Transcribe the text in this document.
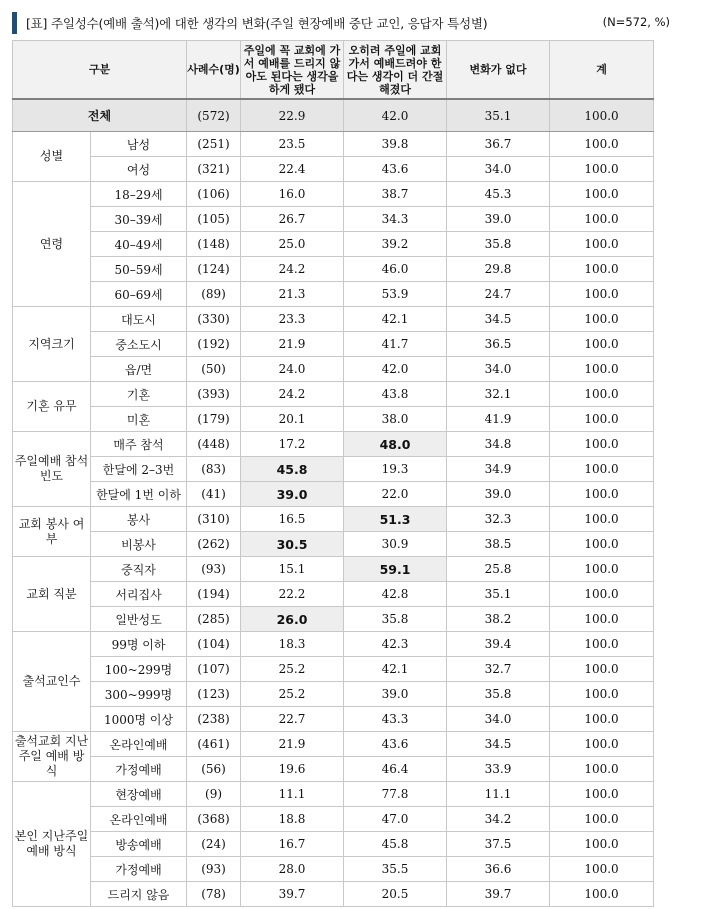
[표] 주일성수(예배 출석)에 대한 생각의 변화(주일 현장예배 중단 교인, 응답자 특성별)	(N=572, %)
구분		사례수(명)	주일에 꼭 교회에 가서 예배를 드리지 않아도 된다는 생각을 하게 됐다	오히려 주일에 교회가서 예배드려야 한다는 생각이 더 간절해졌다	변화가 없다	계
전체		(572)	22.9	42.0	35.1	100.0
성별	남성	(251)	23.5	39.8	36.7	100.0
	여성	(321)	22.4	43.6	34.0	100.0
연령	18–29세	(106)	16.0	38.7	45.3	100.0
	30–39세	(105)	26.7	34.3	39.0	100.0
	40–49세	(148)	25.0	39.2	35.8	100.0
	50–59세	(124)	24.2	46.0	29.8	100.0
	60–69세	(89)	21.3	53.9	24.7	100.0
지역크기	대도시	(330)	23.3	42.1	34.5	100.0
	중소도시	(192)	21.9	41.7	36.5	100.0
	읍/면	(50)	24.0	42.0	34.0	100.0
기혼 유무	기혼	(393)	24.2	43.8	32.1	100.0
	미혼	(179)	20.1	38.0	41.9	100.0
주일예배 참석빈도	매주 참석	(448)	17.2	48.0	34.8	100.0
	한달에 2–3번	(83)	45.8	19.3	34.9	100.0
	한달에 1번 이하	(41)	39.0	22.0	39.0	100.0
교회 봉사 여부	봉사	(310)	16.5	51.3	32.3	100.0
	비봉사	(262)	30.5	30.9	38.5	100.0
교회 직분	중직자	(93)	15.1	59.1	25.8	100.0
	서리집사	(194)	22.2	42.8	35.1	100.0
	일반성도	(285)	26.0	35.8	38.2	100.0
출석교인수	99명 이하	(104)	18.3	42.3	39.4	100.0
	100~299명	(107)	25.2	42.1	32.7	100.0
	300~999명	(123)	25.2	39.0	35.8	100.0
	1000명 이상	(238)	22.7	43.3	34.0	100.0
출석교회 지난주일 예배 방식	온라인예배	(461)	21.9	43.6	34.5	100.0
	가정예배	(56)	19.6	46.4	33.9	100.0
본인 지난주일 예배 방식	현장예배	(9)	11.1	77.8	11.1	100.0
	온라인예배	(368)	18.8	47.0	34.2	100.0
	방송예배	(24)	16.7	45.8	37.5	100.0
	가정예배	(93)	28.0	35.5	36.6	100.0
	드리지 않음	(78)	39.7	20.5	39.7	100.0
